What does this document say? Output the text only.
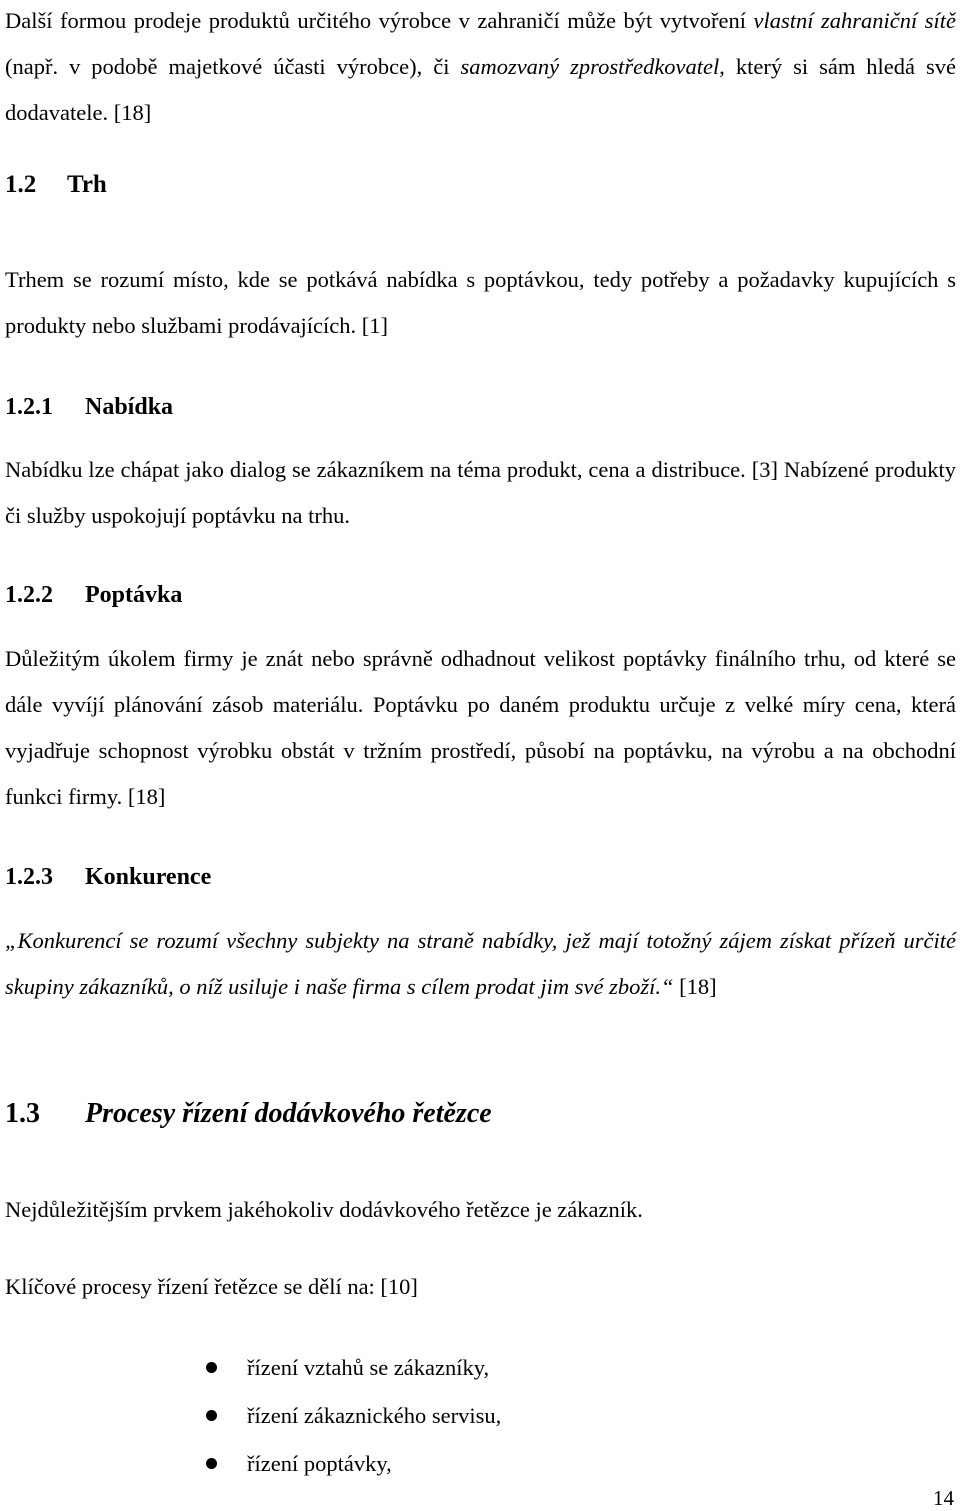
Další formou prodeje produktů určitého výrobce v zahraničí může být vytvoření vlastní zahraniční sítě (např. v podobě majetkové účasti výrobce), či samozvaný zprostředkovatel, který si sám hledá své dodavatele. [18]

1.2 Trh

Trhem se rozumí místo, kde se potkává nabídka s poptávkou, tedy potřeby a požadavky kupujících s produkty nebo službami prodávajících. [1]

1.2.1 Nabídka

Nabídku lze chápat jako dialog se zákazníkem na téma produkt, cena a distribuce. [3] Nabízené produkty či služby uspokojují poptávku na trhu.

1.2.2 Poptávka

Důležitým úkolem firmy je znát nebo správně odhadnout velikost poptávky finálního trhu, od které se dále vyvíjí plánování zásob materiálu. Poptávku po daném produktu určuje z velké míry cena, která vyjadřuje schopnost výrobku obstát v tržním prostředí, působí na poptávku, na výrobu a na obchodní funkci firmy. [18]

1.2.3 Konkurence

„Konkurencí se rozumí všechny subjekty na straně nabídky, jež mají totožný zájem získat přízeň určité skupiny zákazníků, o níž usiluje i naše firma s cílem prodat jim své zboží.“ [18]

1.3 Procesy řízení dodávkového řetězce

Nejdůležitějším prvkem jakéhokoliv dodávkového řetězce je zákazník.

Klíčové procesy řízení řetězce se dělí na: [10]

řízení vztahů se zákazníky,
řízení zákaznického servisu,
řízení poptávky,
14
